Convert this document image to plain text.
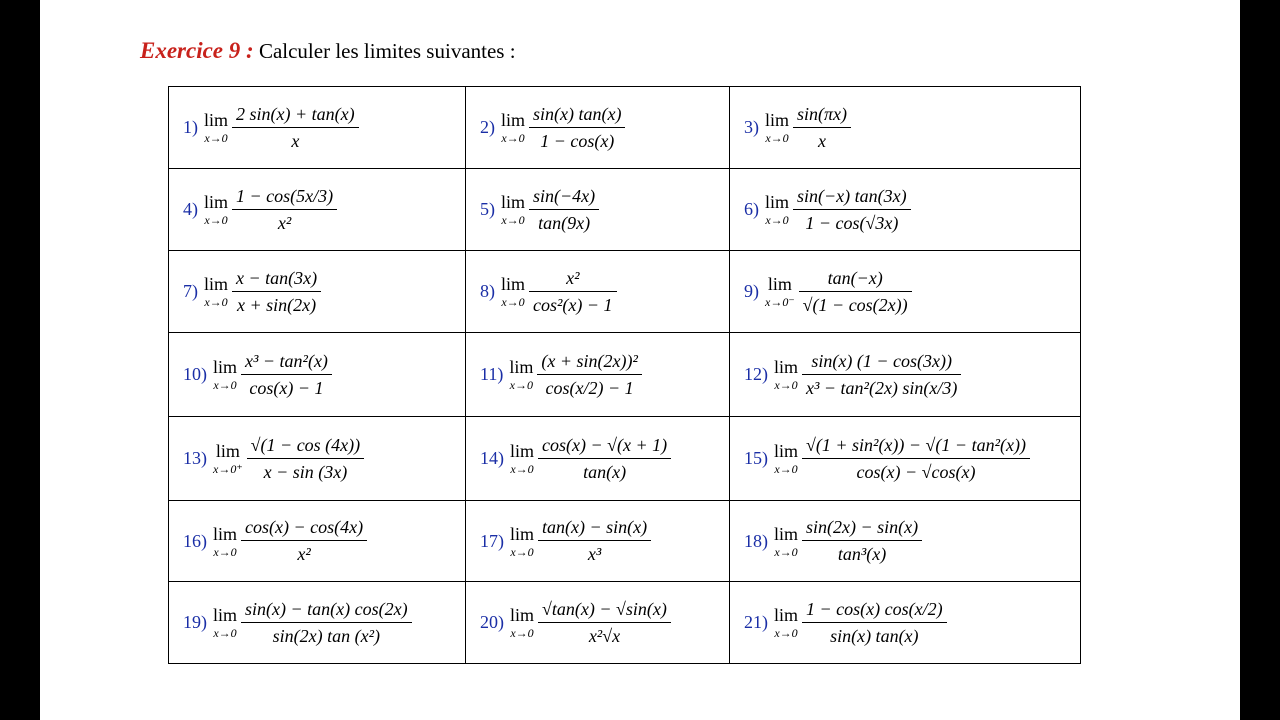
Exercice 9 : Calculer les limites suivantes :
1) lim
$x\to 0 \frac{2 \sin(x) + \tan(x)}{x}$	2) lim
$x\to 0 \frac{\sin(x) \tan(x)}{1 - \cos(x)}$	3) lim
$x\to 0 \frac{\sin(\pi x)}{x}$

4) lim
$x\to 0 \frac{1 - \cos(5x/3)}{\text{x²}}$	5) lim
$x\to 0 \frac{\sin(-4x)}{\tan(9x)}$	6) lim
$x\to 0 \frac{\sin(-x) \tan(3x)}{1 - \cos(√3x)}$

7) lim
$x\to 0 \frac{x - \tan(3x)}{x + \sin(2x)}$	8) lim
$x\to 0 \frac{\text{x²}}{\text{cos²(x) − 1}}$	9) lim
$x\to 0^- \frac{\tan(-x)}{√(1 - \cos(2x))}$

10) lim
$x\to 0 \frac{\text{x³ − tan²(x)}}{\cos(x) - 1}$	11) lim
$x\to 0 \frac{\text{(x + sin(2x))²}}{\cos(x/2) - 1}$	12) lim
$x\to 0 \frac{\sin(x) (1 - \cos(3x))}{\text{x³ − tan²(2x) sin(x/3)}}$

13) lim
$x\to 0^+ \frac{√(1 - \cos (4x))}{x - \sin (3x)}$	14) lim
$x\to 0 \frac{\cos(x) - √(x + 1)}{\tan(x)}$	15) lim
$x\to 0 \frac{\text{√(1 + sin²(x)) − √(1 − tan²(x))}}{\cos(x) - √\cos(x)}$

16) lim
$x\to 0 \frac{\cos(x) - \cos(4x)}{\text{x²}}$	17) lim
$x\to 0 \frac{\tan(x) - \sin(x)}{\text{x³}}$	18) lim
$x\to 0 \frac{\sin(2x) - \sin(x)}{\text{tan³(x)}}$

19) lim
$x\to 0 \frac{\sin(x) - \tan(x) \cos(2x)}{\text{sin(2x) tan (x²)}}$	20) lim
$x\to 0 \frac{√\tan(x) - √\sin(x)}{\text{x²√x}}$	21) lim
$x\to 0 \frac{1 - \cos(x) \cos(x/2)}{\sin(x) \tan(x)}$
